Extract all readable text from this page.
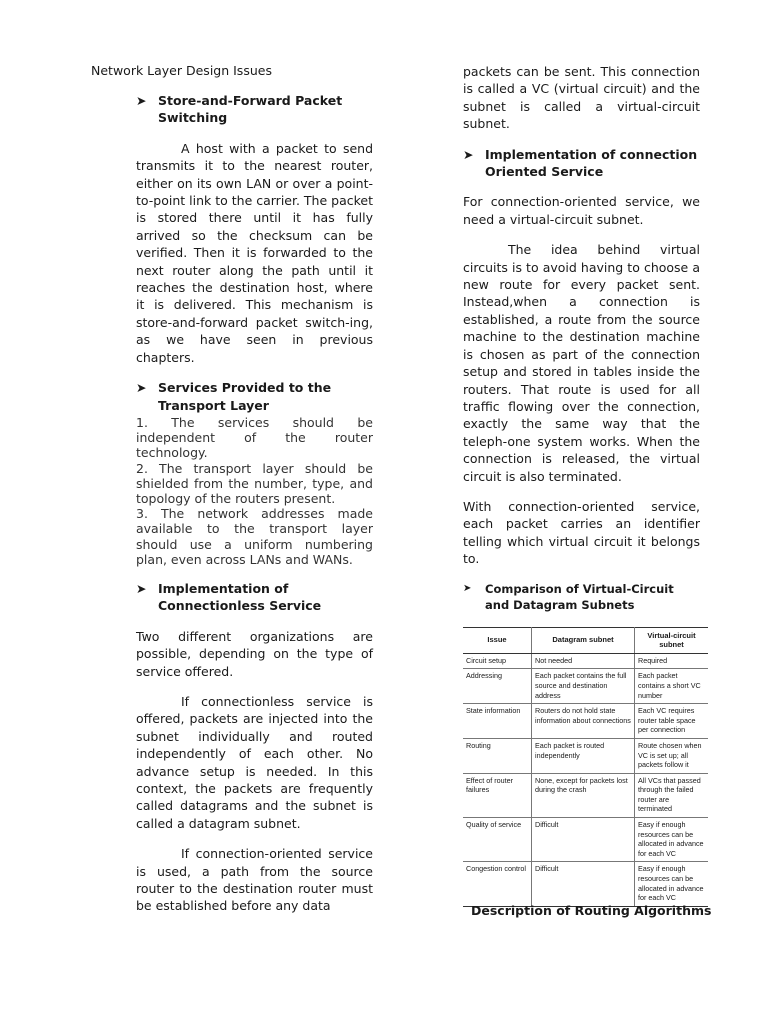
Network Layer Design Issues
➤ Store-and-Forward Packet Switching

A host with a packet to send transmits it to the nearest router, either on its own LAN or over a point-to-point link to the carrier. The packet is stored there until it has fully arrived so the checksum can be verified. Then it is forwarded to the next router along the path until it reaches the destination host, where it is delivered. This mechanism is store-and-forward packet switch-ing, as we have seen in previous chapters.

➤ Services Provided to the Transport Layer

1. The services should be independent of the router technology.

2. The transport layer should be shielded from the number, type, and topology of the routers present.

3. The network addresses made available to the transport layer should use a uniform numbering plan, even across LANs and WANs.

➤ Implementation of Connectionless Service

Two different organizations are possible, depending on the type of service offered.

If connectionless service is offered, packets are injected into the subnet individually and routed independently of each other. No advance setup is needed. In this context, the packets are frequently called datagrams and the subnet is called a datagram subnet.

If connection-oriented service is used, a path from the source router to the destination router must be established before any data

packets can be sent. This connection is called a VC (virtual circuit) and the subnet is called a virtual-circuit subnet.

➤ Implementation of connection Oriented Service

For connection-oriented service, we need a virtual-circuit subnet.

The idea behind virtual circuits is to avoid having to choose a new route for every packet sent. Instead,when a connection is established, a route from the source machine to the destination machine is chosen as part of the connection setup and stored in tables inside the routers. That route is used for all traffic flowing over the connection, exactly the same way that the teleph-one system works. When the connection is released, the virtual circuit is also terminated.

With connection-oriented service, each packet carries an identifier telling which virtual circuit it belongs to.

➤ Comparison of Virtual-Circuit and Datagram Subnets
Issue	Datagram subnet	Virtual-circuit subnet
Circuit setup	Not needed	Required
Addressing	Each packet contains the full source and destination address	Each packet contains a short VC number
State information	Routers do not hold state information about connections	Each VC requires router table space per connection
Routing	Each packet is routed independently	Route chosen when VC is set up; all packets follow it
Effect of router failures	None, except for packets lost during the crash	All VCs that passed through the failed router are terminated
Quality of service	Difficult	Easy if enough resources can be allocated in advance for each VC
Congestion control	Difficult	Easy if enough resources can be allocated in advance for each VC
Description of Routing Algorithms
